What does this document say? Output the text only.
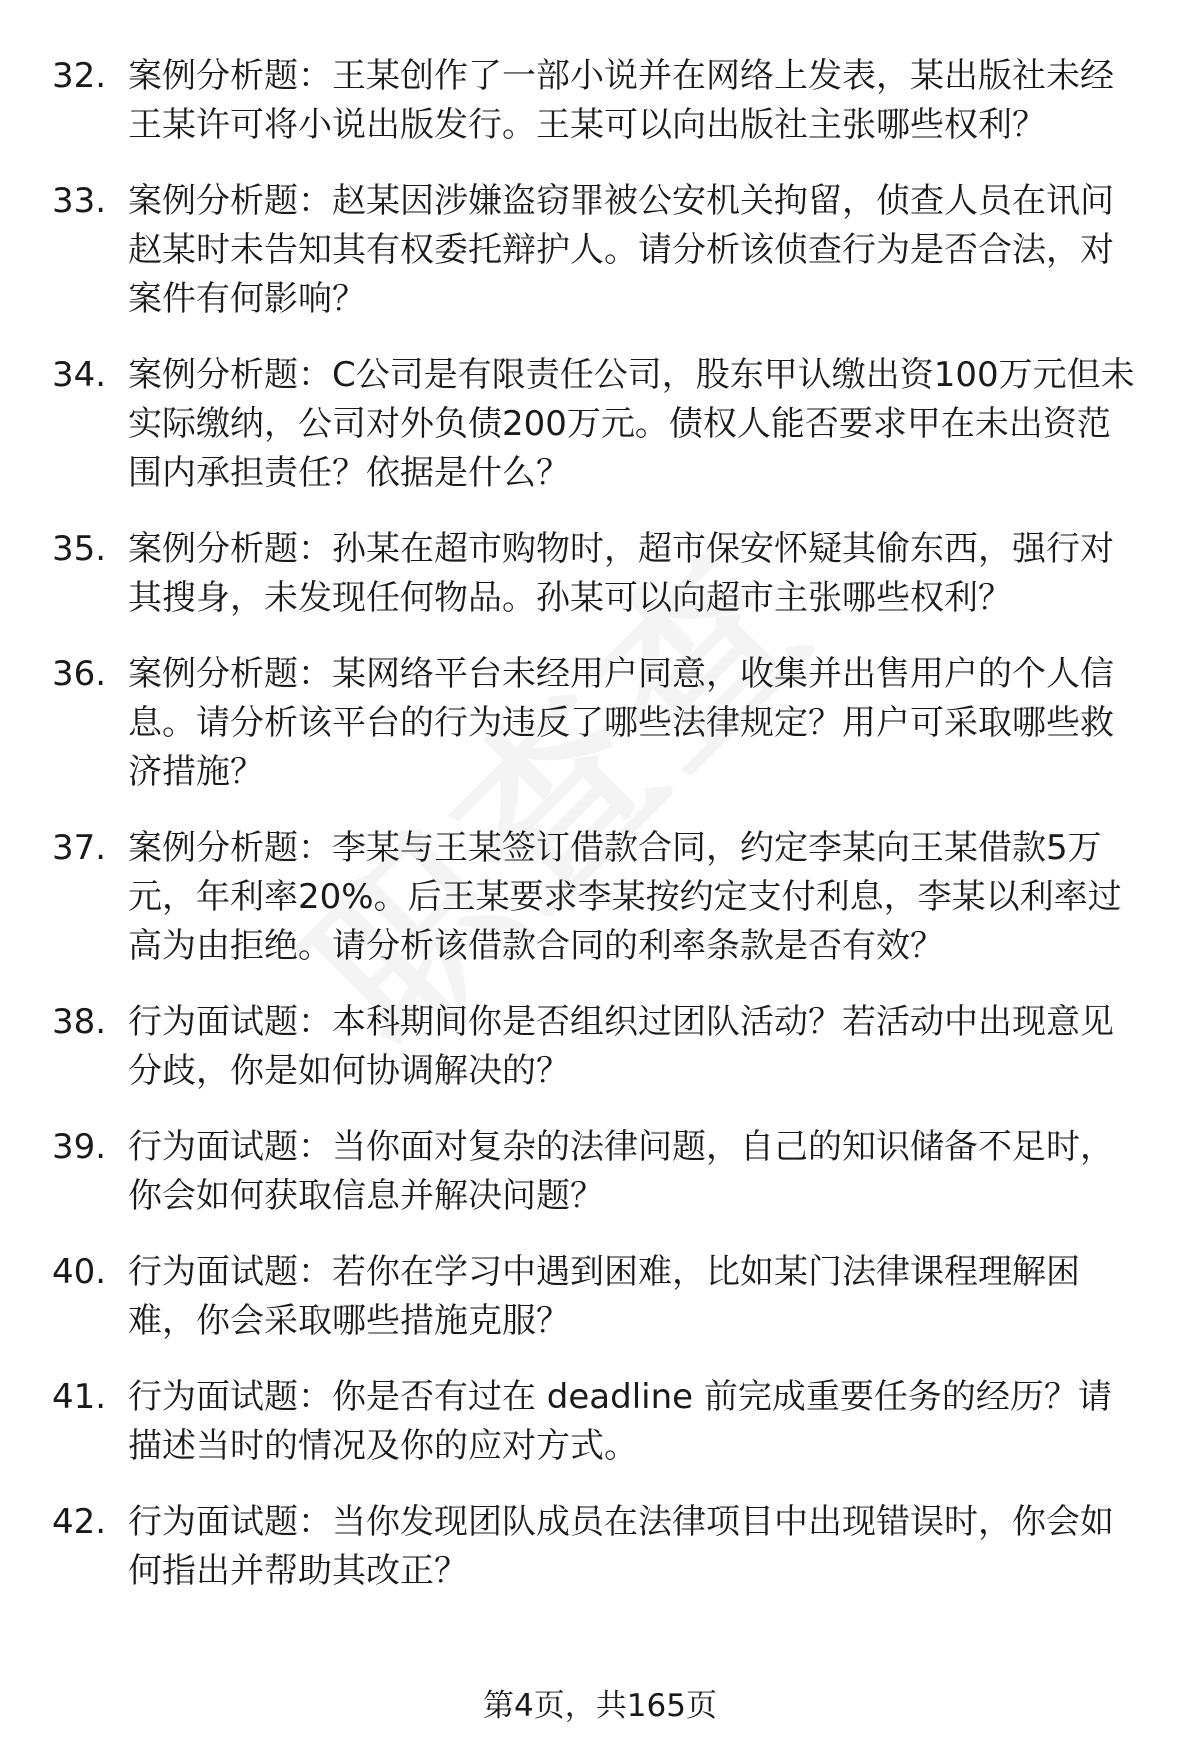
32. 案例分析题：王某创作了一部小说并在网络上发表，某出版社未经王某许可将小说出版发行。王某可以向出版社主张哪些权利？
33. 案例分析题：赵某因涉嫌盗窃罪被公安机关拘留，侦查人员在讯问赵某时未告知其有权委托辩护人。请分析该侦查行为是否合法，对案件有何影响？
34. 案例分析题：C公司是有限责任公司，股东甲认缴出资100万元但未实际缴纳，公司对外负债200万元。债权人能否要求甲在未出资范围内承担责任？依据是什么？
35. 案例分析题：孙某在超市购物时，超市保安怀疑其偷东西，强行对其搜身，未发现任何物品。孙某可以向超市主张哪些权利？
36. 案例分析题：某网络平台未经用户同意，收集并出售用户的个人信息。请分析该平台的行为违反了哪些法律规定？用户可采取哪些救济措施？
37. 案例分析题：李某与王某签订借款合同，约定李某向王某借款5万元，年利率20%。后王某要求李某按约定支付利息，李某以利率过高为由拒绝。请分析该借款合同的利率条款是否有效？
38. 行为面试题：本科期间你是否组织过团队活动？若活动中出现意见分歧，你是如何协调解决的？
39. 行为面试题：当你面对复杂的法律问题，自己的知识储备不足时，你会如何获取信息并解决问题？
40. 行为面试题：若你在学习中遇到困难，比如某门法律课程理解困难，你会采取哪些措施克服？
41. 行为面试题：你是否有过在 deadline 前完成重要任务的经历？请描述当时的情况及你的应对方式。
42. 行为面试题：当你发现团队成员在法律项目中出现错误时，你会如何指出并帮助其改正？
第4页，共165页
